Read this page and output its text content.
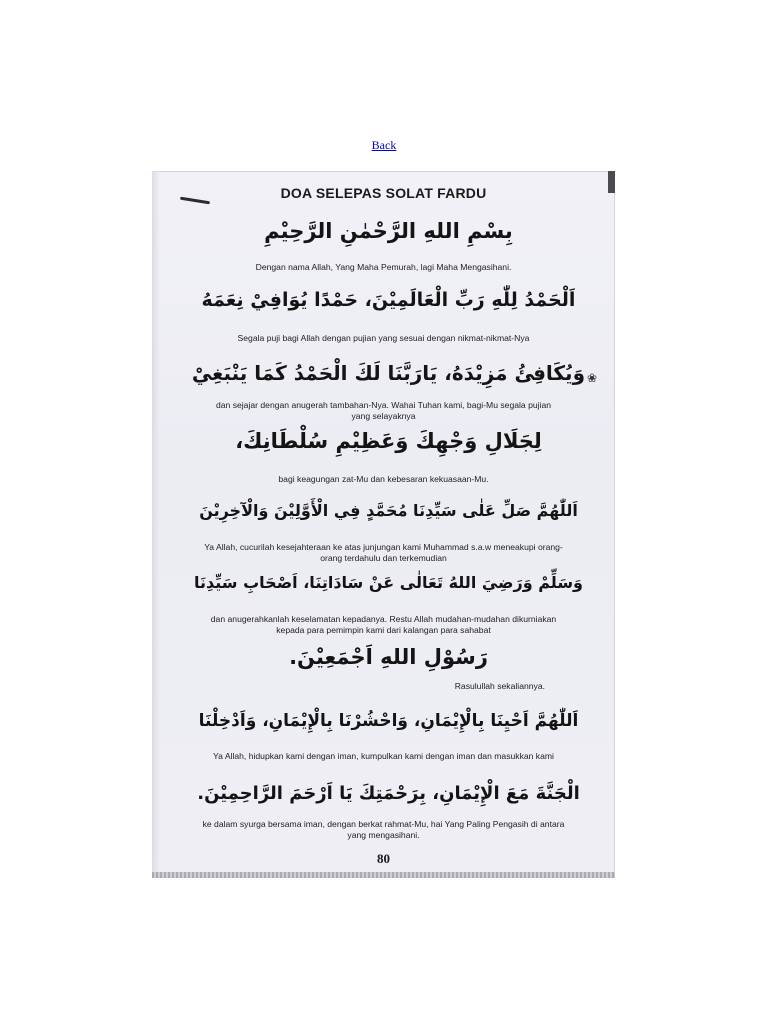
Back
❀
DOA SELEPAS SOLAT FARDU
بِسْمِ اللهِ الرَّحْمٰنِ الرَّحِيْمِ
Dengan nama Allah, Yang Maha Pemurah, lagi Maha Mengasihani.
اَلْحَمْدُ لِلّٰهِ رَبِّ الْعَالَمِيْنَ، حَمْدًا يُوَافِيْ نِعَمَهُ
Segala puji bagi Allah dengan pujian yang sesuai dengan nikmat-nikmat-Nya
وَيُكَافِئُ مَزِيْدَهُ، يَارَبَّنَا لَكَ الْحَمْدُ كَمَا يَنْبَغِيْ
dan sejajar dengan anugerah tambahan-Nya. Wahai Tuhan kami, bagi-Mu segala pujian yang selayaknya
لِجَلَالِ وَجْهِكَ وَعَظِيْمِ سُلْطَانِكَ،
bagi keagungan zat-Mu dan kebesaran kekuasaan-Mu.
اَللّٰهُمَّ صَلِّ عَلٰى سَيِّدِنَا مُحَمَّدٍ فِي الْأَوَّلِيْنَ وَالْآخِرِيْنَ
Ya Allah, cucurilah kesejahteraan ke atas junjungan kami Muhammad s.a.w meneakupi orang-orang terdahulu dan terkemudian
وَسَلِّمْ وَرَضِيَ اللهُ تَعَالٰى عَنْ سَادَاتِنَا، اَصْحَابِ سَيِّدِنَا
dan anugerahkanlah keselamatan kepadanya. Restu Allah mudahan-mudahan dikurniakan kepada para pemimpin kami dari kalangan para sahabat
رَسُوْلِ اللهِ اَجْمَعِيْنَ.
Rasulullah sekaliannya.
اَللّٰهُمَّ اَحْيِنَا بِالْإِيْمَانِ، وَاحْشُرْنَا بِالْإِيْمَانِ، وَاَدْخِلْنَا
Ya Allah, hidupkan kami dengan iman, kumpulkan kami dengan iman dan masukkan kami
الْجَنَّةَ مَعَ الْإِيْمَانِ، بِرَحْمَتِكَ يَا اَرْحَمَ الرَّاحِمِيْنَ.
ke dalam syurga bersama iman, dengan berkat rahmat-Mu, hai Yang Paling Pengasih di antara yang mengasihani.
80
